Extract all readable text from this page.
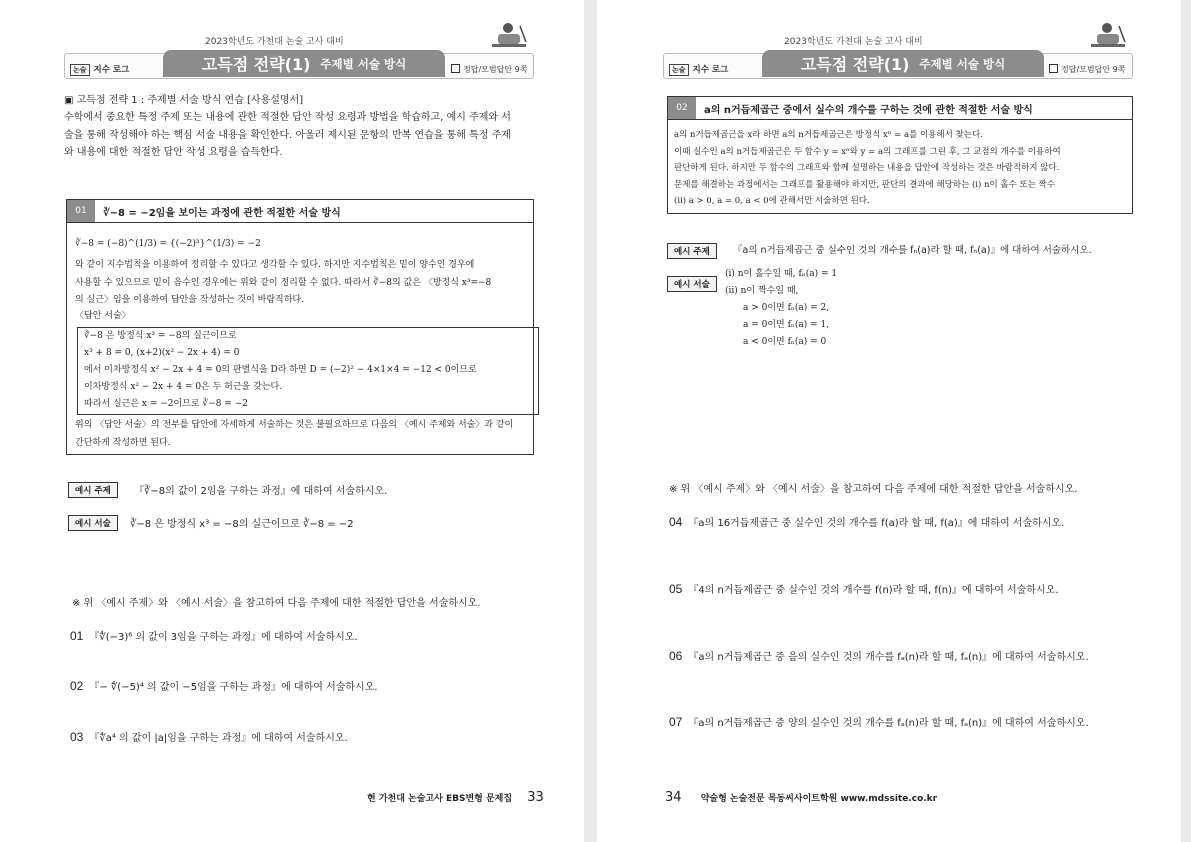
2023학년도 가천대 논술 고사 대비
논술 지수 로그	고득점 전략(1) 주제별 서술 방식	정답/모범답안 9쪽
▣ 고득점 전략 1 : 주제별 서술 방식 연습 [사용설명서]
수학에서 중요한 특정 주제 또는 내용에 관한 적절한 답안 작성 요령과 방법을 학습하고, 예시 주제와 서
술을 통해 작성해야 하는 핵심 서술 내용을 확인한다. 아울러 제시된 문항의 반복 연습을 통해 특정 주제
와 내용에 대한 적절한 답안 작성 요령을 습득한다.
01	∛−8 = −2임을 보이는 과정에 관한 적절한 서술 방식
∛−8 = (−8)^(1/3) = {(−2)³}^(1/3) = −2
와 같이 지수법칙을 이용하여 정리할 수 있다고 생각할 수 있다. 하지만 지수법칙은 밑이 양수인 경우에
사용할 수 있으므로 밑이 음수인 경우에는 위와 같이 정리할 수 없다. 따라서 ∛−8의 값은 〈방정식 x³=−8
의 실근〉임을 이용하여 답안을 작성하는 것이 바람직하다.
〈답안 서술〉
∛−8 은 방정식 x³ = −8의 실근이므로
x³ + 8 = 0, (x+2)(x² − 2x + 4) = 0
에서 이차방정식 x² − 2x + 4 = 0의 판별식을 D라 하면 D = (−2)² − 4×1×4 = −12 < 0이므로
이차방정식 x² − 2x + 4 = 0은 두 허근을 갖는다.
따라서 실근은 x = −2이므로 ∛−8 = −2
위의 〈답안 서술〉의 전부를 답안에 자세하게 서술하는 것은 불필요하므로 다음의 〈예시 주제와 서술〉과 같이
간단하게 작성하면 된다.
예시 주제	『∛−8의 값이 2임을 구하는 과정』에 대하여 서술하시오.
예시 서술	∛−8 은 방정식 x³ = −8의 실근이므로 ∛−8 = −2
※ 위 〈예시 주제〉와 〈예시 서술〉을 참고하여 다음 주제에 대한 적절한 답안을 서술하시오.
01 『∜(−3)⁶ 의 값이 3임을 구하는 과정』에 대하여 서술하시오.
02 『− ∜(−5)⁴ 의 값이 −5임을 구하는 과정』에 대하여 서술하시오.
03 『∜a⁴ 의 값이 |a|임을 구하는 과정』에 대하여 서술하시오.
현 가천대 논술고사 EBS변형 문제집 33
2023학년도 가천대 논술 고사 대비
논술 지수 로그	고득점 전략(1) 주제별 서술 방식	정답/모범답안 9쪽
02	a의 n거듭제곱근 중에서 실수의 개수를 구하는 것에 관한 적절한 서술 방식
a의 n거듭제곱근을 x라 하면 a의 n거듭제곱근은 방정식 xⁿ = a를 이용해서 찾는다.
이때 실수인 a의 n거듭제곱근은 두 함수 y = xⁿ와 y = a의 그래프를 그린 후, 그 교점의 개수를 이용하여
판단하게 된다. 하지만 두 함수의 그래프와 함께 설명하는 내용을 답안에 작성하는 것은 바람직하지 않다.
문제를 해결하는 과정에서는 그래프를 활용해야 하지만, 판단의 결과에 해당하는 (ⅰ) n이 홀수 또는 짝수
(ⅱ) a > 0, a = 0, a < 0에 관해서만 서술하면 된다.
예시 주제	『a의 n거듭제곱근 중 실수인 것의 개수를 fₙ(a)라 할 때, fₙ(a)』에 대하여 서술하시오.
예시 서술
(ⅰ) n이 홀수일 때, fₙ(a) = 1
(ⅱ) n이 짝수일 때,
a > 0이면 fₙ(a) = 2,
a = 0이면 fₙ(a) = 1,
a < 0이면 fₙ(a) = 0
※ 위 〈예시 주제〉와 〈예시 서술〉을 참고하여 다음 주제에 대한 적절한 답안을 서술하시오.
04 『a의 16거듭제곱근 중 실수인 것의 개수를 f(a)라 할 때, f(a)』에 대하여 서술하시오.
05 『4의 n거듭제곱근 중 실수인 것의 개수를 f(n)라 할 때, f(n)』에 대하여 서술하시오.
06 『a의 n거듭제곱근 중 음의 실수인 것의 개수를 fₐ(n)라 할 때, fₐ(n)』에 대하여 서술하시오.
07 『a의 n거듭제곱근 중 양의 실수인 것의 개수를 fₐ(n)라 할 때, fₐ(n)』에 대하여 서술하시오.
34 약술형 논술전문 목동씨사이트학원 www.mdssite.co.kr
